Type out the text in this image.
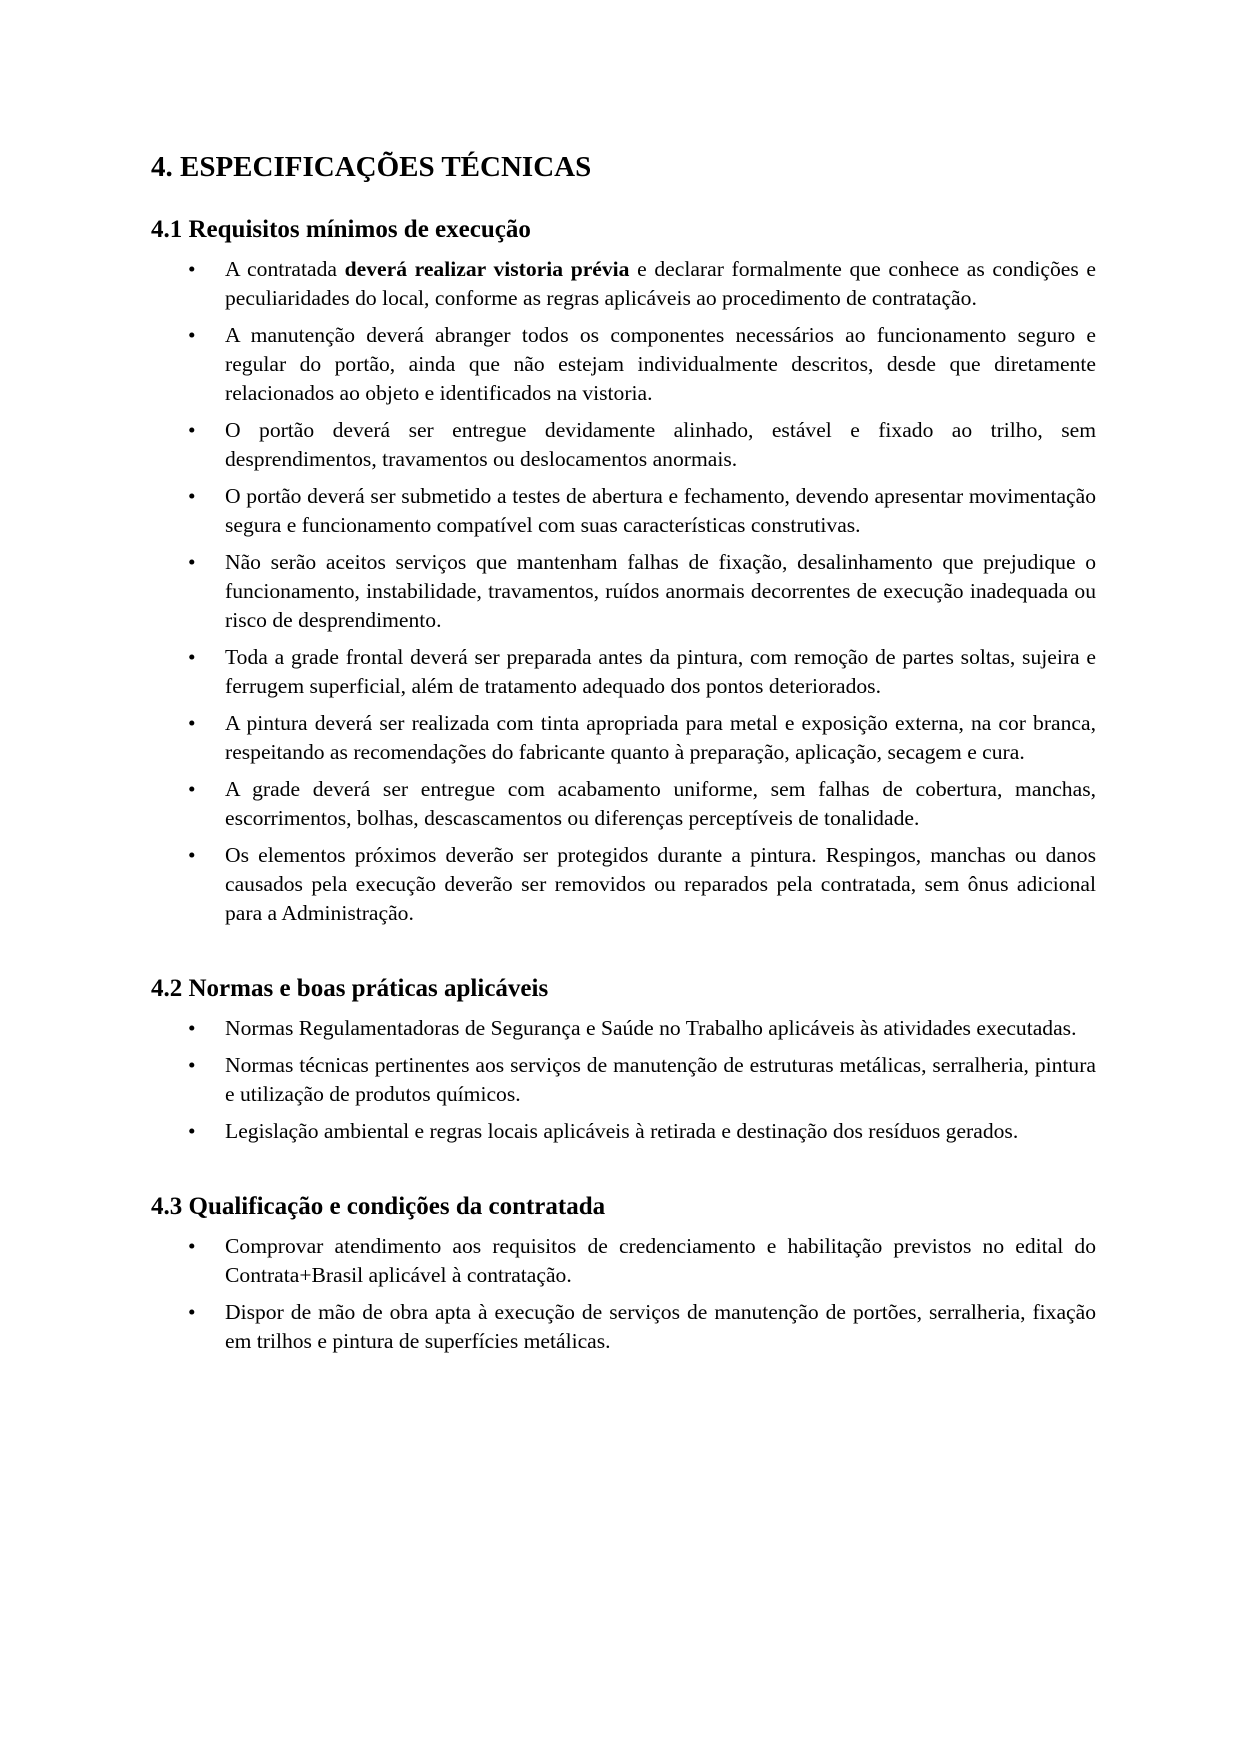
4. ESPECIFICAÇÕES TÉCNICAS
4.1 Requisitos mínimos de execução
• A contratada deverá realizar vistoria prévia e declarar formalmente que conhece as condições e peculiaridades do local, conforme as regras aplicáveis ao procedimento de contratação.
• A manutenção deverá abranger todos os componentes necessários ao funcionamento seguro e regular do portão, ainda que não estejam individualmente descritos, desde que diretamente relacionados ao objeto e identificados na vistoria.
• O portão deverá ser entregue devidamente alinhado, estável e fixado ao trilho, sem desprendimentos, travamentos ou deslocamentos anormais.
• O portão deverá ser submetido a testes de abertura e fechamento, devendo apresentar movimentação segura e funcionamento compatível com suas características construtivas.
• Não serão aceitos serviços que mantenham falhas de fixação, desalinhamento que prejudique o funcionamento, instabilidade, travamentos, ruídos anormais decorrentes de execução inadequada ou risco de desprendimento.
• Toda a grade frontal deverá ser preparada antes da pintura, com remoção de partes soltas, sujeira e ferrugem superficial, além de tratamento adequado dos pontos deteriorados.
• A pintura deverá ser realizada com tinta apropriada para metal e exposição externa, na cor branca, respeitando as recomendações do fabricante quanto à preparação, aplicação, secagem e cura.
• A grade deverá ser entregue com acabamento uniforme, sem falhas de cobertura, manchas, escorrimentos, bolhas, descascamentos ou diferenças perceptíveis de tonalidade.
• Os elementos próximos deverão ser protegidos durante a pintura. Respingos, manchas ou danos causados pela execução deverão ser removidos ou reparados pela contratada, sem ônus adicional para a Administração.
4.2 Normas e boas práticas aplicáveis
• Normas Regulamentadoras de Segurança e Saúde no Trabalho aplicáveis às atividades executadas.
• Normas técnicas pertinentes aos serviços de manutenção de estruturas metálicas, serralheria, pintura e utilização de produtos químicos.
• Legislação ambiental e regras locais aplicáveis à retirada e destinação dos resíduos gerados.
4.3 Qualificação e condições da contratada
• Comprovar atendimento aos requisitos de credenciamento e habilitação previstos no edital do Contrata+Brasil aplicável à contratação.
• Dispor de mão de obra apta à execução de serviços de manutenção de portões, serralheria, fixação em trilhos e pintura de superfícies metálicas.
